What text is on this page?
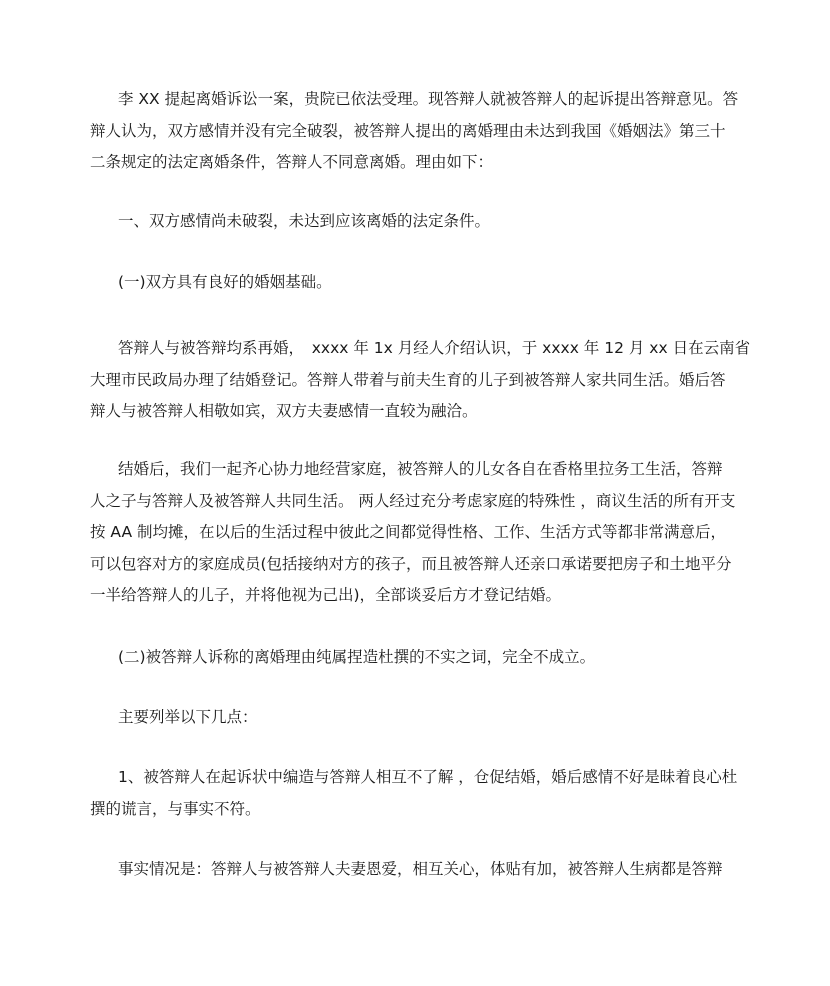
李 XX 提起离婚诉讼一案，贵院已依法受理。现答辩人就被答辩人的起诉提出答辩意见。答
辩人认为，双方感情并没有完全破裂，被答辩人提出的离婚理由未达到我国《婚姻法》第三十
二条规定的法定离婚条件，答辩人不同意离婚。理由如下：
一、双方感情尚未破裂，未达到应该离婚的法定条件。
(一)双方具有良好的婚姻基础。
答辩人与被答辩均系再婚，　xxxx 年 1x 月经人介绍认识，于 xxxx 年 12 月 xx 日在云南省
大理市民政局办理了结婚登记。答辩人带着与前夫生育的儿子到被答辩人家共同生活。婚后答
辩人与被答辩人相敬如宾，双方夫妻感情一直较为融洽。
结婚后，我们一起齐心协力地经营家庭，被答辩人的儿女各自在香格里拉务工生活，答辩
人之子与答辩人及被答辩人共同生活。 两人经过充分考虑家庭的特殊性 ，商议生活的所有开支
按 AA 制均摊，在以后的生活过程中彼此之间都觉得性格、工作、生活方式等都非常满意后，
可以包容对方的家庭成员(包括接纳对方的孩子，而且被答辩人还亲口承诺要把房子和土地平分
一半给答辩人的儿子，并将他视为己出)，全部谈妥后方才登记结婚。
(二)被答辩人诉称的离婚理由纯属捏造杜撰的不实之词，完全不成立。
主要列举以下几点：
1、被答辩人在起诉状中编造与答辩人相互不了解 ，仓促结婚，婚后感情不好是昧着良心杜
撰的谎言，与事实不符。
事实情况是：答辩人与被答辩人夫妻恩爱，相互关心，体贴有加，被答辩人生病都是答辩
